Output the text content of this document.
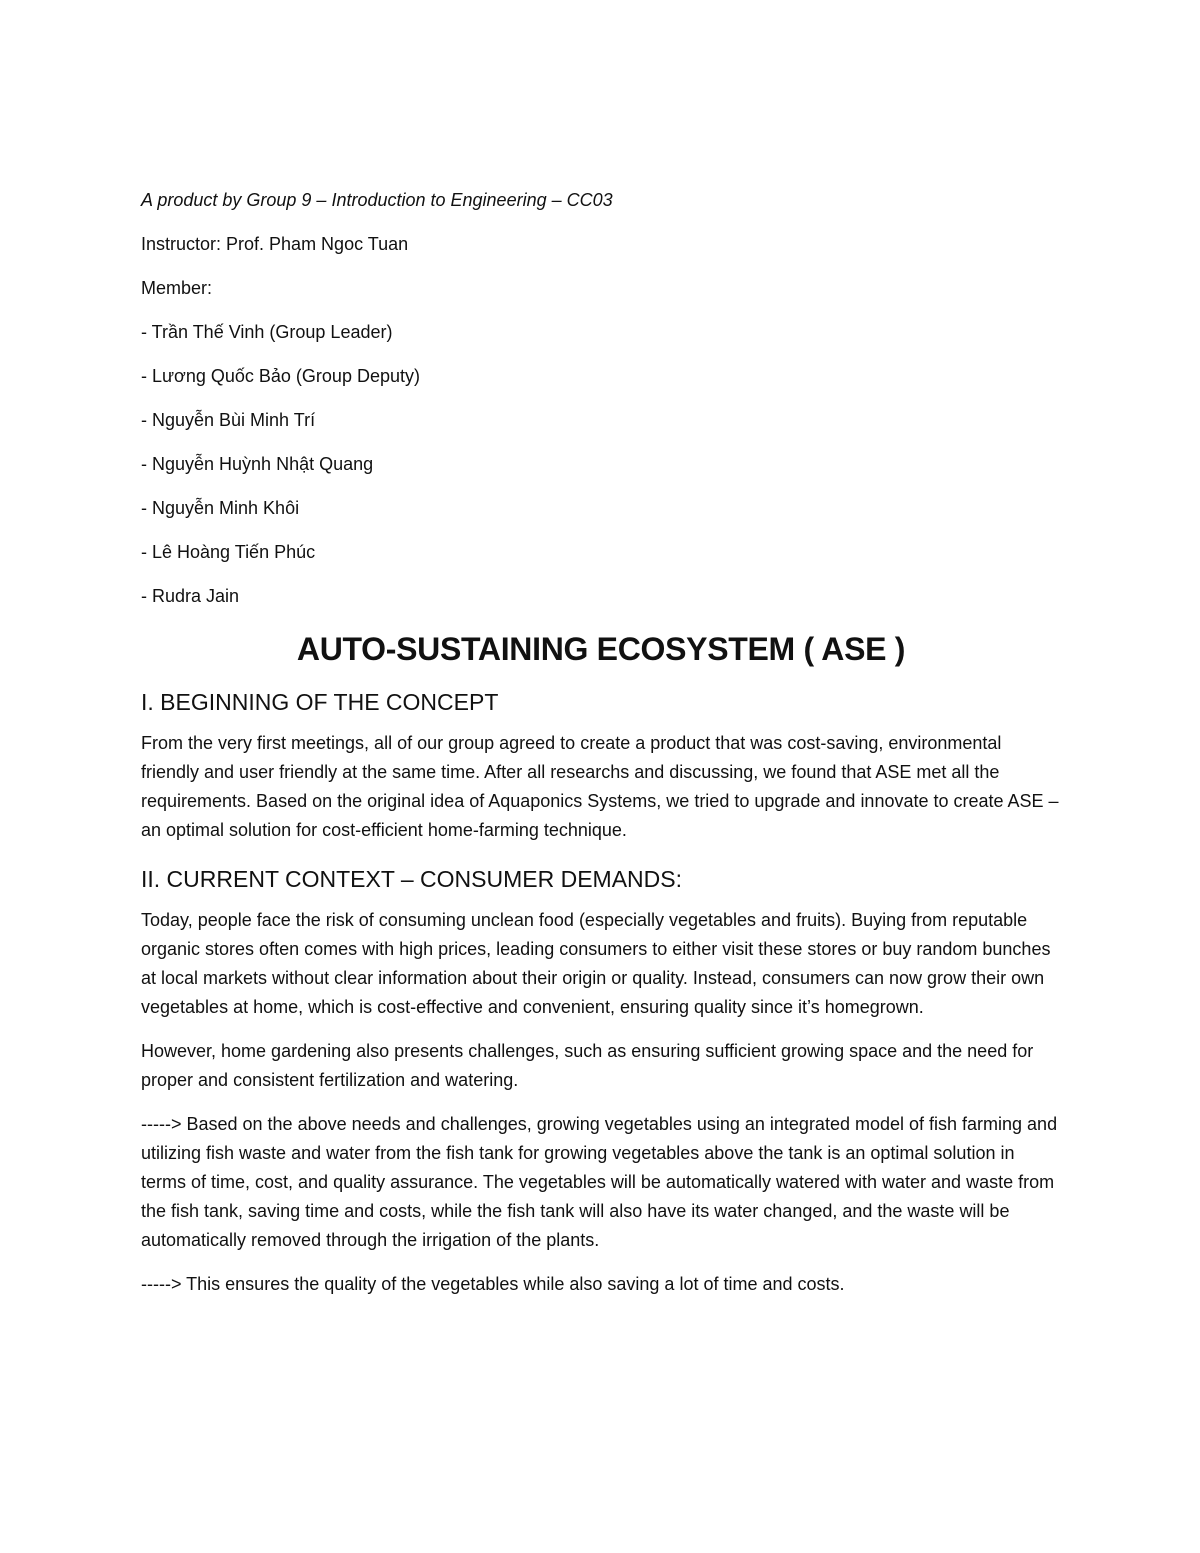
A product by Group 9 – Introduction to Engineering – CC03

Instructor: Prof. Pham Ngoc Tuan

Member:

- Trần Thế Vinh (Group Leader)
- Lương Quốc Bảo (Group Deputy)
- Nguyễn Bùi Minh Trí
- Nguyễn Huỳnh Nhật Quang
- Nguyễn Minh Khôi
- Lê Hoàng Tiến Phúc
- Rudra Jain
AUTO-SUSTAINING ECOSYSTEM ( ASE )
I. BEGINNING OF THE CONCEPT

From the very first meetings, all of our group agreed to create a product that was cost-saving, environmental friendly and user friendly at the same time. After all researchs and discussing, we found that ASE met all the requirements. Based on the original idea of Aquaponics Systems, we tried to upgrade and innovate to create ASE – an optimal solution for cost-efficient home-farming technique.

II. CURRENT CONTEXT – CONSUMER DEMANDS:

Today, people face the risk of consuming unclean food (especially vegetables and fruits). Buying from reputable organic stores often comes with high prices, leading consumers to either visit these stores or buy random bunches at local markets without clear information about their origin or quality. Instead, consumers can now grow their own vegetables at home, which is cost-effective and convenient, ensuring quality since it’s homegrown.

However, home gardening also presents challenges, such as ensuring sufficient growing space and the need for proper and consistent fertilization and watering.

-----> Based on the above needs and challenges, growing vegetables using an integrated model of fish farming and utilizing fish waste and water from the fish tank for growing vegetables above the tank is an optimal solution in terms of time, cost, and quality assurance. The vegetables will be automatically watered with water and waste from the fish tank, saving time and costs, while the fish tank will also have its water changed, and the waste will be automatically removed through the irrigation of the plants.

-----> This ensures the quality of the vegetables while also saving a lot of time and costs.
